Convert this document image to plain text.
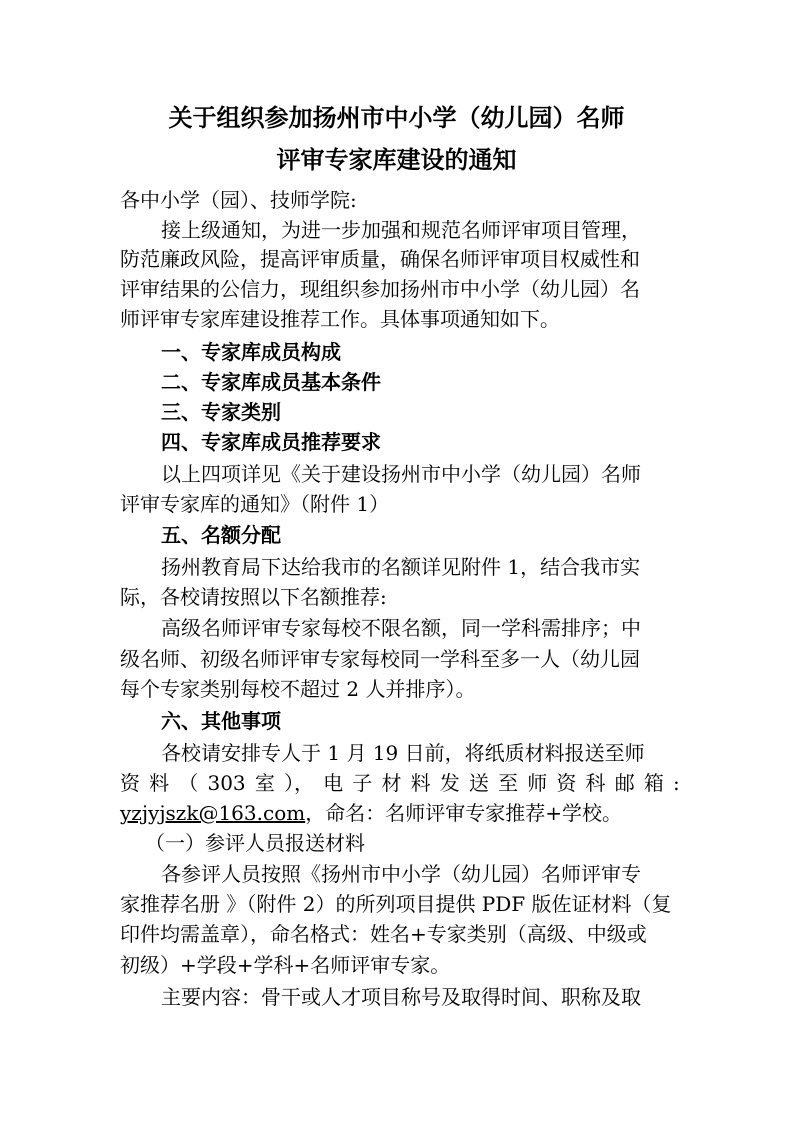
关于组织参加扬州市中小学（幼儿园）名师
评审专家库建设的通知
各中小学（园）、技师学院:
接上级通知，为进一步加强和规范名师评审项目管理，
防范廉政风险，提高评审质量，确保名师评审项目权威性和
评审结果的公信力，现组织参加扬州市中小学（幼儿园）名
师评审专家库建设推荐工作。具体事项通知如下。
一、专家库成员构成
二、专家库成员基本条件
三、专家类别
四、专家库成员推荐要求
以上四项详见《关于建设扬州市中小学（幼儿园）名师
评审专家库的通知》（附件 1）
五、名额分配
扬州教育局下达给我市的名额详见附件 1，结合我市实
际，各校请按照以下名额推荐:
高级名师评审专家每校不限名额，同一学科需排序；中
级名师、初级名师评审专家每校同一学科至多一人（幼儿园
每个专家类别每校不超过 2 人并排序）。
六、其他事项
各校请安排专人于 1 月 19 日前，将纸质材料报送至师
资 料 （ 303 室 ）， 电 子 材 料 发 送 至 师 资 科 邮 箱 :
yzjyjszk@163.com，命名：名师评审专家推荐+学校。
（一）参评人员报送材料
各参评人员按照《扬州市中小学（幼儿园）名师评审专
家推荐名册 》（附件 2）的所列项目提供 PDF 版佐证材料（复
印件均需盖章），命名格式：姓名+专家类别（高级、中级或
初级）+学段+学科+名师评审专家。
主要内容：骨干或人才项目称号及取得时间、职称及取
